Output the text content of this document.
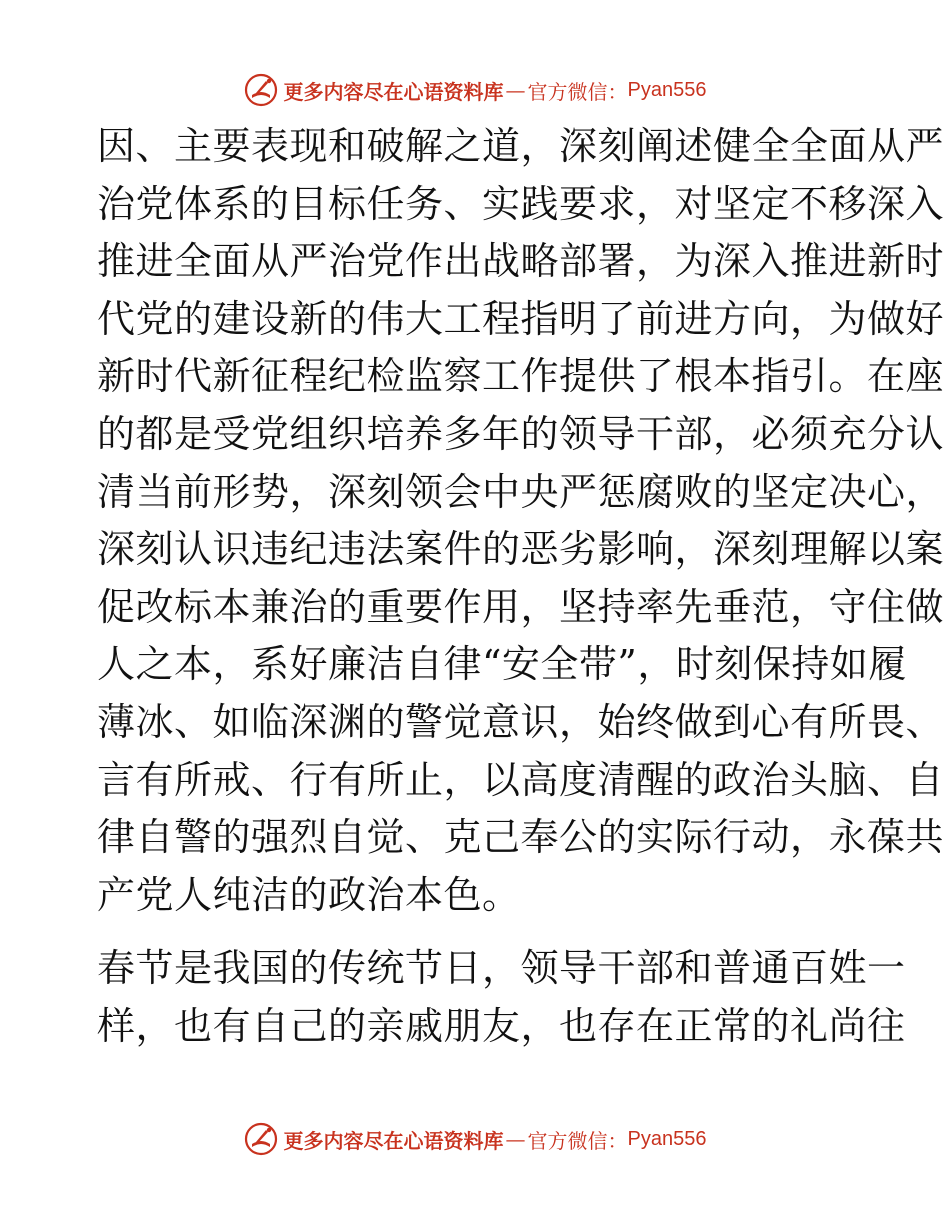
更多内容尽在心语资料库 — 官方微信： Pyan556
因、主要表现和破解之道，深刻阐述健全全面从严
治党体系的目标任务、实践要求，对坚定不移深入
推进全面从严治党作出战略部署，为深入推进新时
代党的建设新的伟大工程指明了前进方向，为做好
新时代新征程纪检监察工作提供了根本指引。在座
的都是受党组织培养多年的领导干部，必须充分认
清当前形势，深刻领会中央严惩腐败的坚定决心，
深刻认识违纪违法案件的恶劣影响，深刻理解以案
促改标本兼治的重要作用，坚持率先垂范，守住做
人之本，系好廉洁自律“安全带”，时刻保持如履
薄冰、如临深渊的警觉意识，始终做到心有所畏、
言有所戒、行有所止，以高度清醒的政治头脑、自
律自警的强烈自觉、克己奉公的实际行动，永葆共
产党人纯洁的政治本色。
春节是我国的传统节日，领导干部和普通百姓一
样，也有自己的亲戚朋友，也存在正常的礼尚往
更多内容尽在心语资料库 — 官方微信： Pyan556
